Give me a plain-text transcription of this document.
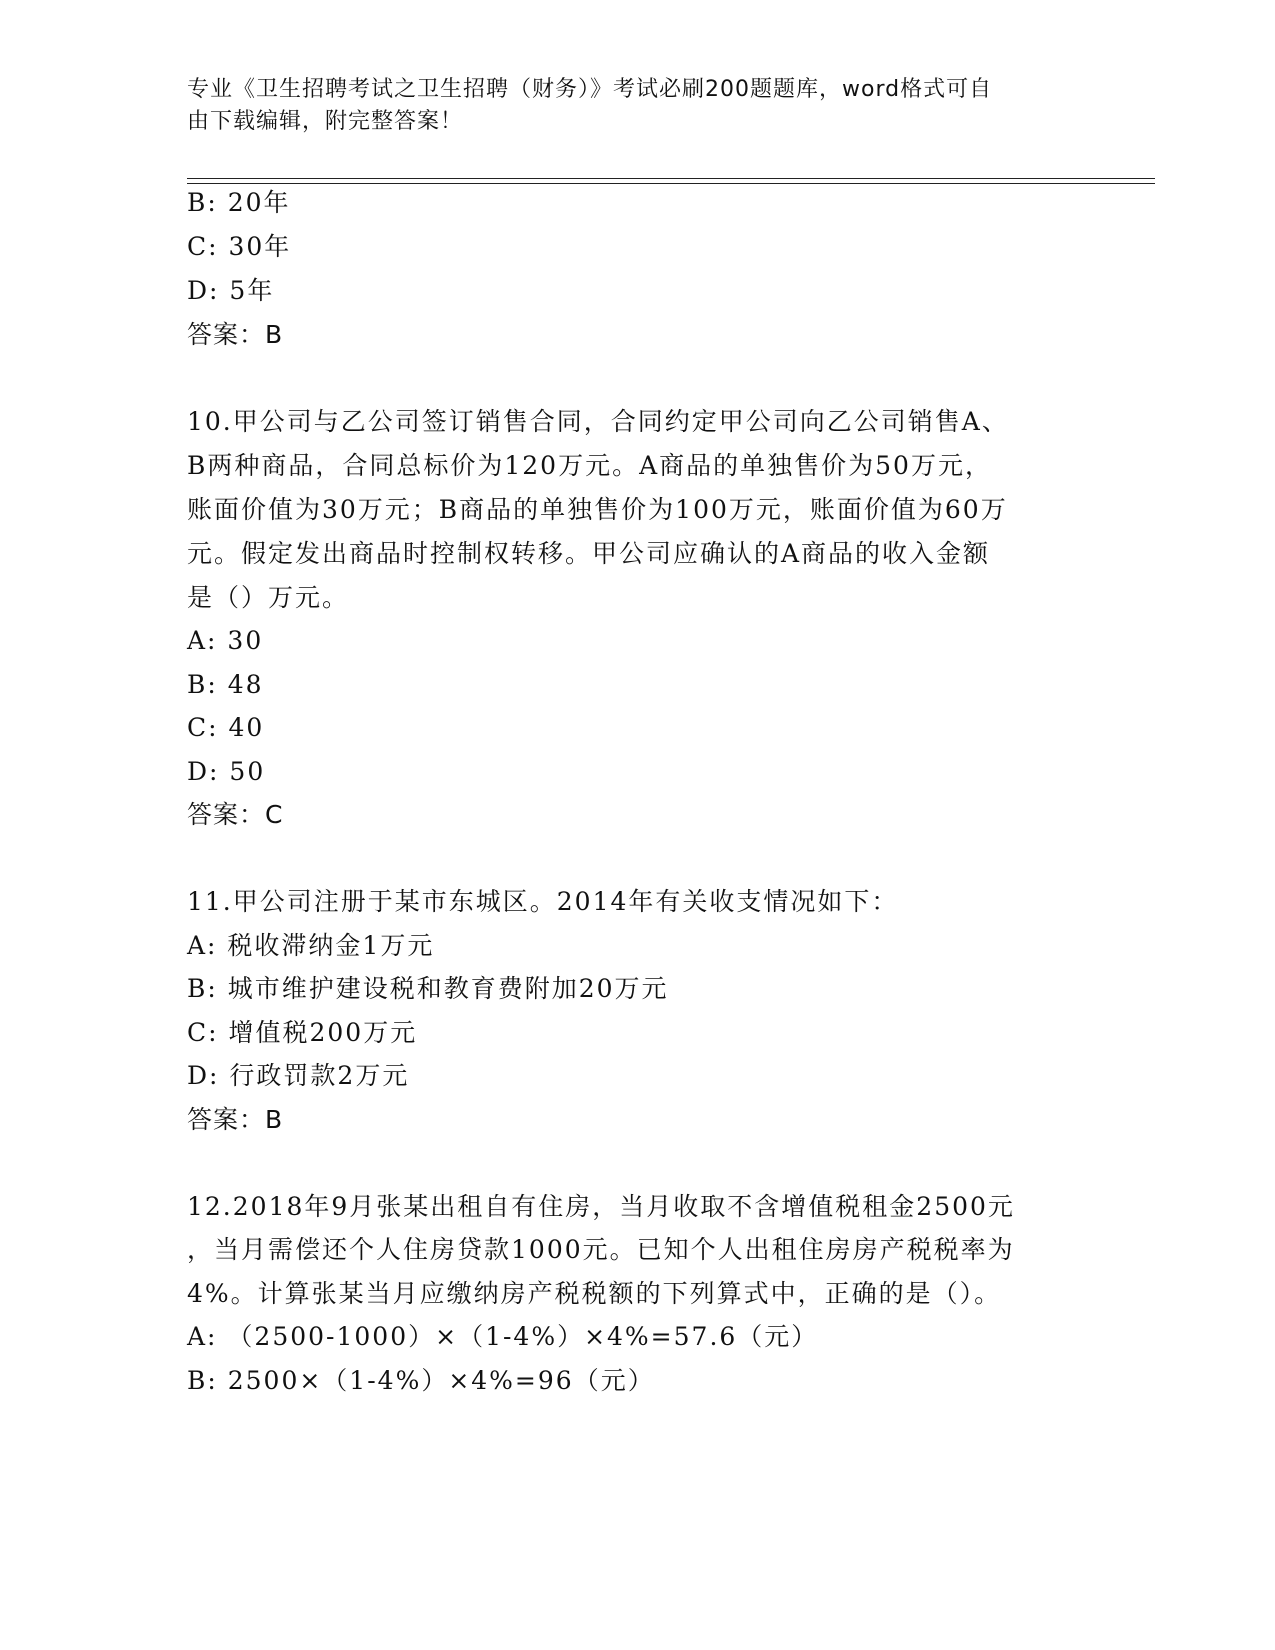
专业《卫生招聘考试之卫生招聘（财务）》考试必刷200题题库，word格式可自
由下载编辑，附完整答案！
B: 20年
C: 30年
D: 5年
答案：B
10.甲公司与乙公司签订销售合同，合同约定甲公司向乙公司销售A、
B两种商品，合同总标价为120万元。A商品的单独售价为50万元，
账面价值为30万元；B商品的单独售价为100万元，账面价值为60万
元。假定发出商品时控制权转移。甲公司应确认的A商品的收入金额
是（）万元。
A: 30
B: 48
C: 40
D: 50
答案：C
11.甲公司注册于某市东城区。2014年有关收支情况如下：
A: 税收滞纳金1万元
B: 城市维护建设税和教育费附加20万元
C: 增值税200万元
D: 行政罚款2万元
答案：B
12.2018年9月张某出租自有住房，当月收取不含增值税租金2500元
，当月需偿还个人住房贷款1000元。已知个人出租住房房产税税率为
4%。计算张某当月应缴纳房产税税额的下列算式中，正确的是（）。
A: （2500-1000）×（1-4%）×4%=57.6（元）
B: 2500×（1-4%）×4%=96（元）
